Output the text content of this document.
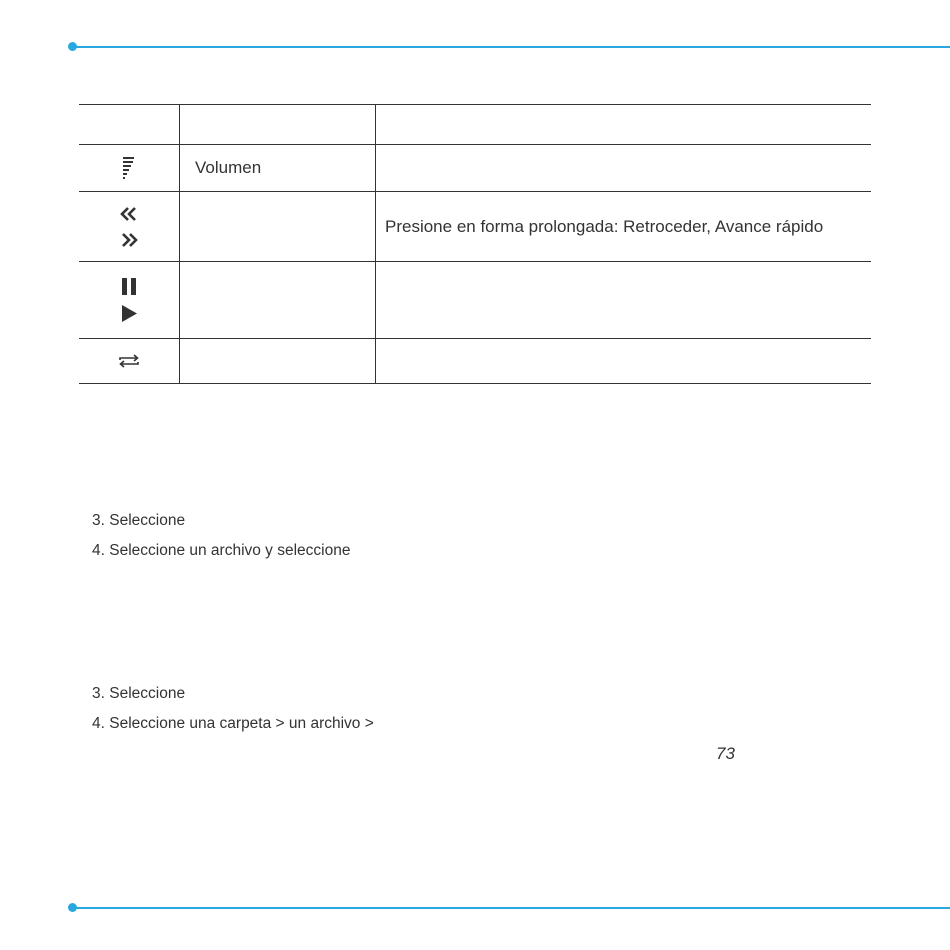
	Volumen	

		Presione en forma prolongada: Retroceder, Avance rápido

3. Seleccione
4. Seleccione un archivo y seleccione
3. Seleccione
4. Seleccione una carpeta > un archivo >
73
